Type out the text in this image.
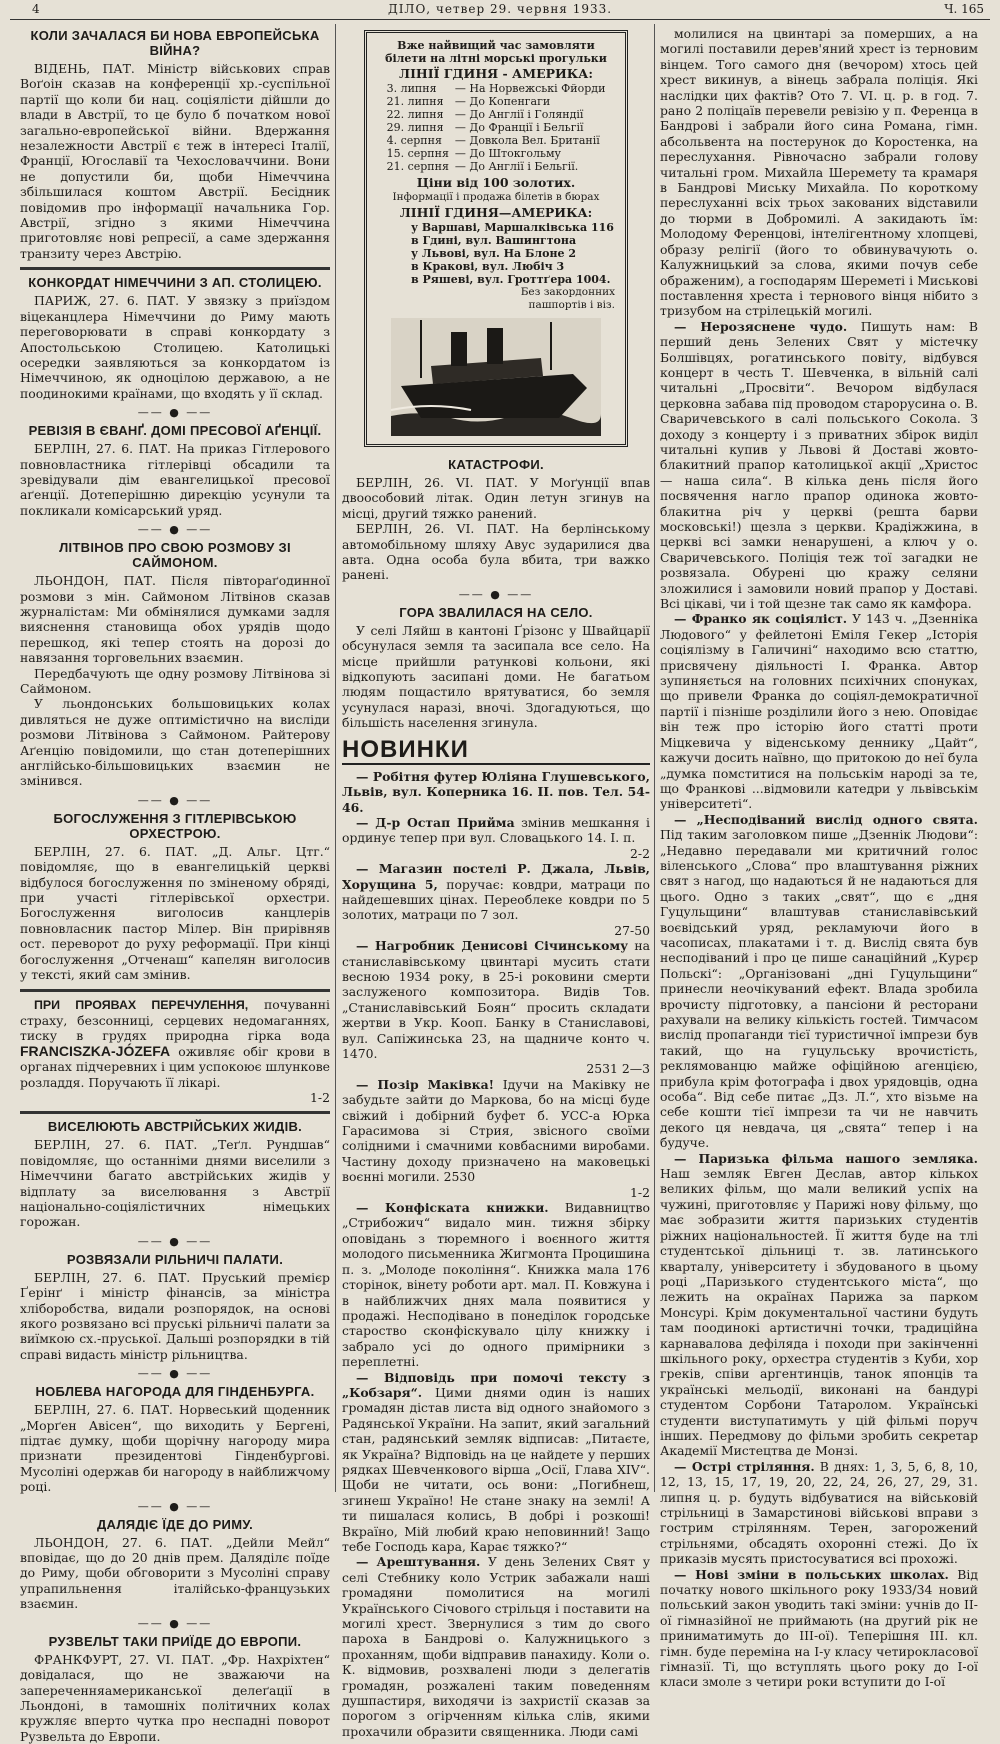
4	ДІЛО, четвер 29. червня 1933.	Ч. 165
КОЛИ ЗАЧАЛАСЯ БИ НОВА ЕВРОПЕЙСЬКА ВІЙНА?

ВІДЕНЬ, ПАТ. Міністр військових справ Воґоін сказав на конференції хр.-суспільної партії що коли би нац. соціялісти дійшли до влади в Австрії, то це було б початком нової загально-европейської війни. Вдержання незалежности Австрії є теж в інтересі Італії, Франції, Югославії та Чехословаччини. Вони не допустили би, щоби Німеччина збільшилася коштом Австрії. Бесідник повідомив про інформації начальника Гор. Австрії, згідно з якими Німеччина приготовляє нові репресії, а саме здержання транзиту через Австрію.

КОНКОРДАТ НІМЕЧЧИНИ З АП. СТОЛИЦЕЮ.

ПАРИЖ, 27. 6. ПАТ. У звязку з приїздом віцеканцлера Німеччини до Риму мають переговорювати в справі конкордату з Апостольською Столицею. Католицькі осередки заявляються за конкордатом із Німеччиною, як одноцілою державою, а не поодинокими країнами, що входять у її склад.

—— ● ——
РЕВІЗІЯ В ЄВАНҐ. ДОМІ ПРЕСОВОЇ АҐЕНЦІЇ.

БЕРЛІН, 27. 6. ПАТ. На приказ Гітлерового повновластника гітлерівці обсадили та зревідували дім евангелицької пресової аґенції. Дотеперішню дирекцію усунули та покликали комісарський уряд.

—— ● ——
ЛІТВІНОВ ПРО СВОЮ РОЗМОВУ ЗІ САЙМОНОМ.

ЛЬОНДОН, ПАТ. Після півтораґодинної розмови з мін. Саймоном Літвінов сказав журналістам: Ми обмінялися думками задля вияснення становища обох урядів щодо перешкод, які тепер стоять на дорозі до навязання торговельних взаємин.

Передбачують ще одну розмову Літвінова зі Саймоном.

У льондонських большовицьких колах дивляться не дуже оптимістично на висліди розмови Літвінова з Саймоном. Райтерову Аґенцію повідомили, що стан дотеперішних англійсько-більшовицьких взаємин не змінився.

—— ● ——
БОГОСЛУЖЕННЯ З ГІТЛЕРІВСЬКОЮ ОРХЕСТРОЮ.

БЕРЛІН, 27. 6. ПАТ. „Д. Альг. Цтг.“ повідомляє, що в евангелицькій церкві відбулося богослуження по зміненому обряді, при участі гітлерівської орхестри. Богослуження виголосив канцлерів повновласник пастор Мілер. Він прирівняв ост. переворот до руху реформації. При кінці богослуження „Отченаш“ капелян виголосив у тексті, який сам змінив.

ПРИ ПРОЯВАХ ПЕРЕЧУЛЕННЯ, почуванні страху, безсонниці, серцевих недомаганнях, тиску в грудях природна гірка вода FRANCISZKA-JÓZEFA оживляє обіг крови в органах підчеревних і цим успокоює шлункове розладдя. Поручають її лікарі.
1-2

ВИСЕЛЮЮТЬ АВСТРІЙСЬКИХ ЖИДІВ.

БЕРЛІН, 27. 6. ПАТ. „Теґл. Рундшав“ повідомляє, що останніми днями виселили з Німеччини багато австрійських жидів у відплату за виселювання з Австрії національно-соціялістичних німецьких горожан.

—— ● ——
РОЗВЯЗАЛИ РІЛЬНИЧІ ПАЛАТИ.

БЕРЛІН, 27. 6. ПАТ. Пруський премієр Ґерінґ і міністр фінансів, за міністра хліборобства, видали розпорядок, на основі якого розвязано всі пруські рільничі палати за виїмкою сх.-пруської. Дальші розпорядки в тій справі видасть міністр рільництва.

—— ● ——
НОБЛЕВА НАГОРОДА ДЛЯ ГІНДЕНБУРГА.

БЕРЛІН, 27. 6. ПАТ. Норвеський щоденник „Морґен Авісен“, що виходить у Бергені, підтає думку, щоби щорічну нагороду мира признати президентові Гінденбургові. Мусоліні одержав би нагороду в найближчому році.

—— ● ——
ДАЛЯДІЄ ЇДЕ ДО РИМУ.

ЛЬОНДОН, 27. 6. ПАТ. „Дейли Мейл“ вповідає, що до 20 днів прем. Даляділє поїде до Риму, щоби обговорити з Мусоліні справу упрапильнення італійсько-французьких взаємин.

—— ● ——
РУЗВЕЛЬТ ТАКИ ПРИЇДЕ ДО ЕВРОПИ.

ФРАНКФУРТ, 27. VI. ПАТ. „Фр. Нахріхтен“ довідалася, що не зважаючи на запереченняамериканської делеґації в Льондоні, в тамошніх політичних колах кружляє вперто чутка про неспадні поворот Рузвельта до Европи.

Вже найвищий час замовляти білети на літні морські прогульки
ЛІНІЇ ГДИНЯ - АМЕРИКА:
3. липня	— На Норвежські Фйорди
21. липня	— До Копенгаги
22. липня	— До Англії і Голяндії
29. липня	— До Франції і Бельгії
4. серпня	— Довкола Вел. Британії
15. серпня	— До Штокгольму
21. серпня	— До Англії і Бельгії.
Ціни від 100 золотих.
Інформації і продажа білетів в бюрах
ЛІНІЇ ГДИНЯ—АМЕРИКА:
у Варшаві, Маршалківська 116
в Гдині, вул. Вашингтона
у Львові, вул. На Блоне 2
в Кракові, вул. Любіч 3
в Ряшеві, вул. Гроттґера 1004.
Без закордонних
пашпортів і віз.
КАТАСТРОФИ.

БЕРЛІН, 26. VI. ПАТ. У Моґунції впав двоособовий літак. Один летун згинув на місці, другий тяжко ранений.

БЕРЛІН, 26. VI. ПАТ. На берлінському автомобільному шляху Авус зударилися два авта. Одна особа була вбита, три важко ранені.

—— ● ——
ГОРА ЗВАЛИЛАСЯ НА СЕЛО.

У селі Ляйш в кантоні Ґрізонс у Швайцарії обсунулася земля та засипала все село. На місце прийшли ратункові кольони, які відкопують засипані доми. Не багатьом людям пощастило врятуватися, бо земля усунулася наразі, вночі. Здогадуються, що більшість населення згинула.

НОВИНКИ

— Робітня футер Юліяна Глушевського, Львів, вул. Коперника 16. II. пов. Тел. 54-46.

— Д-р Остап Прийма змінив мешкання і ординує тепер при вул. Словацького 14. I. п.
2-2

— Магазин постелі Р. Джала, Львів, Хорущина 5, поручає: ковдри, матраци по найдешевших цінах. Переоблеке ковдри по 5 золотих, матраци по 7 зол.
27-50

— Нагробник Денисові Січинському на станиславівському цвинтарі мусить стати весною 1934 року, в 25-і роковини смерти заслуженого композитора. Видів Тов. „Станиславівський Боян“ просить складати жертви в Укр. Кооп. Банку в Станиславові, вул. Сапіжинська 23, на щадниче конто ч. 1470.
2531 2—3

— Позір Маківка! Ідучи на Маківку не забудьте зайти до Маркова, бо на місці буде свіжий і добірний буфет б. УСС-а Юрка Гарасимова зі Стрия, звісного своїми солідними і смачними ковбасними виробами. Частину доходу призначено на маковецькі воєнні могили. 2530
1-2

— Конфіската книжки. Видавництво „Стрибожич“ видало мин. тижня збірку оповідань з тюремного і воєнного життя молодого письменника Жигмонта Процишина п. з. „Молоде покоління“. Книжка мала 176 сторінок, вінету роботи арт. мал. П. Ковжуна і в найближчих днях мала появитися у продажі. Несподівано в понеділок городське староство сконфіскувало цілу книжку і забрало усі до одного примірники з переплетні.

— Відповідь при помочі тексту з „Кобзаря“. Цими днями один із наших громадян дістав листа від одного знайомого з Радянської України. На запит, який загальний стан, радянський земляк відписав: „Питаєте, як Україна? Відповідь на це найдете у перших рядках Шевченкового вірша „Осії, Глава XIV“. Щоби не читати, ось вони: „Погибнеш, згинеш Україно! Не стане знаку на землі! А ти пишалася колись, В добрі і розкоші! Вкраїно, Мій любий краю неповинний! Защо тебе Господь кара, Карає тяжко?“

— Арештування. У день Зелених Свят у селі Стебнику коло Устрик забажали наші громадяни помолитися на могилі Українського Січового стрільця і поставити на могилі хрест. Звернулися з тим до свого пароха в Бандрові о. Калужницького з проханням, щоби відправив панахиду. Коли о. К. відмовив, розхвалені люди з делегатів громадян, розжалені таким поведенням душпастиря, виходячи із захристії сказав за порогом з огірченням кілька слів, якими прохачили образити священника. Люди самі

молилися на цвинтарі за померших, а на могилі поставили дерев'яний хрест із терновим вінцем. Того самого дня (вечором) хтось цей хрест викинув, а вінець забрала поліція. Які наслідки цих фактів? Ото 7. VI. ц. р. в год. 7. рано 2 поліцаїв перевели ревізію у п. Ференца в Бандрові і забрали його сина Романа, гімн. абсольвента на постерунок до Коростенка, на переслухання. Рівночасно забрали голову читальні гром. Михайла Шеремету та крамаря в Бандрові Миську Михайла. По короткому переслуханні всіх трьох закованих відставили до тюрми в Добромилі. А закидають їм: Молодому Ференцові, інтелігентному хлопцеві, образу релігії (його то обвинувачують о. Калужницький за слова, якими почув себе ображеним), а господарям Шереметі і Миськові поставлення хреста і тернового вінця нібито з тризубом на стрілецькій могилі.

— Нерозяснене чудо. Пишуть нам: В перший день Зелених Свят у містечку Болшівцях, рогатинського повіту, відбувся концерт в честь Т. Шевченка, в вільній салі читальні „Просвіти“. Вечором відбулася церковна забава під проводом старорусина о. В. Сваричевського в салі польського Сокола. З доходу з концерту і з приватних збірок виділ читальні купив у Львові й Доставі жовто-блакитний прапор католицької акції „Христос — наша сила“. В кілька день після його посвячення нагло прапор одинока жовто-блакитна річ у церкві (решта барви московські!) щезла з церкви. Крадіжжина, в церкві всі замки ненарушені, а ключ у о. Сваричевського. Поліція теж тої загадки не розвязала. Обурені цю кражу селяни зложилися і замовили новий прапор у Доставі. Всі цікаві, чи і той щезне так само як камфора.

— Франко як соціяліст. У 143 ч. „Дзенніка Людового“ у фейлетоні Еміля Гекер „Історія соціялізму в Галичині“ находимо всю статтю, присвячену діяльності І. Франка. Автор зупиняється на головних психічних спонуках, що привели Франка до соціял-демократичної партії і пізніше розділили його з нею. Оповідає він теж про історію його статті проти Міцкевича у віденському деннику „Цайт“, кажучи досить наївно, що притокою до неї була „думка помститися на польськім народі за те, що Франкові ...відмовили катедри у львівськім університеті“.

— „Несподіваний вислід одного свята. Під таким заголовком пише „Дзеннік Людови“: „Недавно передавали ми критичний голос віленського „Слова“ про влаштування ріжних свят з нагод, що надаються й не надаються для цього. Одно з таких „свят“, що є „дня Гуцульщини“ влаштував станиславівський воєвідський уряд, рекламуючи його в часописах, плакатами і т. д. Вислід свята був несподіваний і про це пише санаційний „Курєр Польскі“: „Організовані „дні Гуцульщини“ принесли неочікуваний ефект. Влада зробила врочисту підготовку, а пансіони й ресторани рахували на велику кількість гостей. Тимчасом вислід пропаганди тієї туристичної імпрези був такий, що на гуцульську врочистість, реклямованцю майже офіційною агенцією, прибула крім фотографа і двох урядовців, одна особа“. Від себе питає „Дз. Л.“, хто візьме на себе кошти тієї імпрези та чи не навчить декого ця невдача, ця „свята“ тепер і на будуче.

— Паризька фільма нашого земляка. Наш земляк Евген Деслав, автор кількох великих фільм, що мали великий успіх на чужині, приготовляє у Парижі нову фільму, що має зобразити життя паризьких студентів ріжних національностей. Її життя буде на тлі студентської дільниці т. зв. латинського кварталу, університету і збудованого в цьому році „Паризького студентського міста“, що лежить на окраїнах Парижа за парком Монсурі. Крім документальної частини будуть там поодинокі артистичні точки, традиційна карнавалова дефіляда і походи при закінченні шкільного року, орхестра студентів з Куби, хор греків, співи аргентинців, танок японців та українські мельодії, виконані на бандурі студентом Сорбони Татаролом. Українські студенти виступатимуть у цій фільмі поруч інших. Передмову до фільми зробить секретар Академії Мистецтва де Монзі.

— Острі стріляння. В днях: 1, 3, 5, 6, 8, 10, 12, 13, 15, 17, 19, 20, 22, 24, 26, 27, 29, 31. липня ц. р. будуть відбуватися на військовій стрільниці в Замарстинові військові вправи з гострим стрілянням. Терен, загорожений стрільнями, обсадять охоронні стежі. До їх приказів мусять пристосуватися всі прохожі.

— Нові зміни в польських школах. Від початку нового шкільного року 1933/34 новий польський закон уводить такі зміни: учнів до II-ої гімназійної не приймають (на другий рік не приниматимуть до III-ої). Теперішня III. кл. гімн. буде переміна на I-у класу четирокласової гімназії. Ті, що вступлять цього року до I-ої класи змоле з четири роки вступити до I-ої
